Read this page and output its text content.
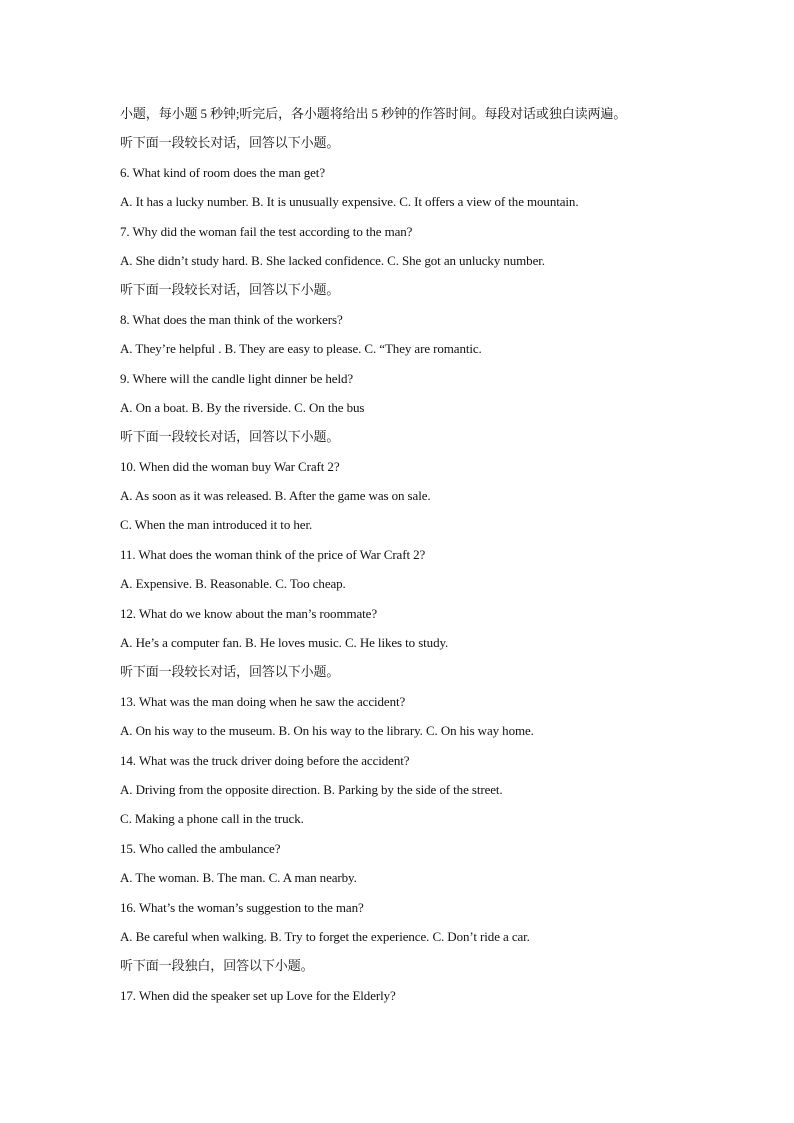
小题，每小题 5 秒钟;听完后，各小题将给出 5 秒钟的作答时间。每段对话或独白读两遍。
听下面一段较长对话，回答以下小题。
6. What kind of room does the man get?
A. It has a lucky number. B. It is unusually expensive. C. It offers a view of the mountain.
7. Why did the woman fail the test according to the man?
A. She didn’t study hard. B. She lacked confidence. C. She got an unlucky number.
听下面一段较长对话，回答以下小题。
8. What does the man think of the workers?
A. They’re helpful . B. They are easy to please. C. “They are romantic.
9. Where will the candle light dinner be held?
A. On a boat. B. By the riverside. C. On the bus
听下面一段较长对话，回答以下小题。
10. When did the woman buy War Craft 2?
A. As soon as it was released. B. After the game was on sale.
C. When the man introduced it to her.
11. What does the woman think of the price of War Craft 2?
A. Expensive. B. Reasonable. C. Too cheap.
12. What do we know about the man’s roommate?
A. He’s a computer fan. B. He loves music. C. He likes to study.
听下面一段较长对话，回答以下小题。
13. What was the man doing when he saw the accident?
A. On his way to the museum. B. On his way to the library. C. On his way home.
14. What was the truck driver doing before the accident?
A. Driving from the opposite direction. B. Parking by the side of the street.
C. Making a phone call in the truck.
15. Who called the ambulance?
A. The woman. B. The man. C. A man nearby.
16. What’s the woman’s suggestion to the man?
A. Be careful when walking. B. Try to forget the experience. C. Don’t ride a car.
听下面一段独白，回答以下小题。
17. When did the speaker set up Love for the Elderly?
